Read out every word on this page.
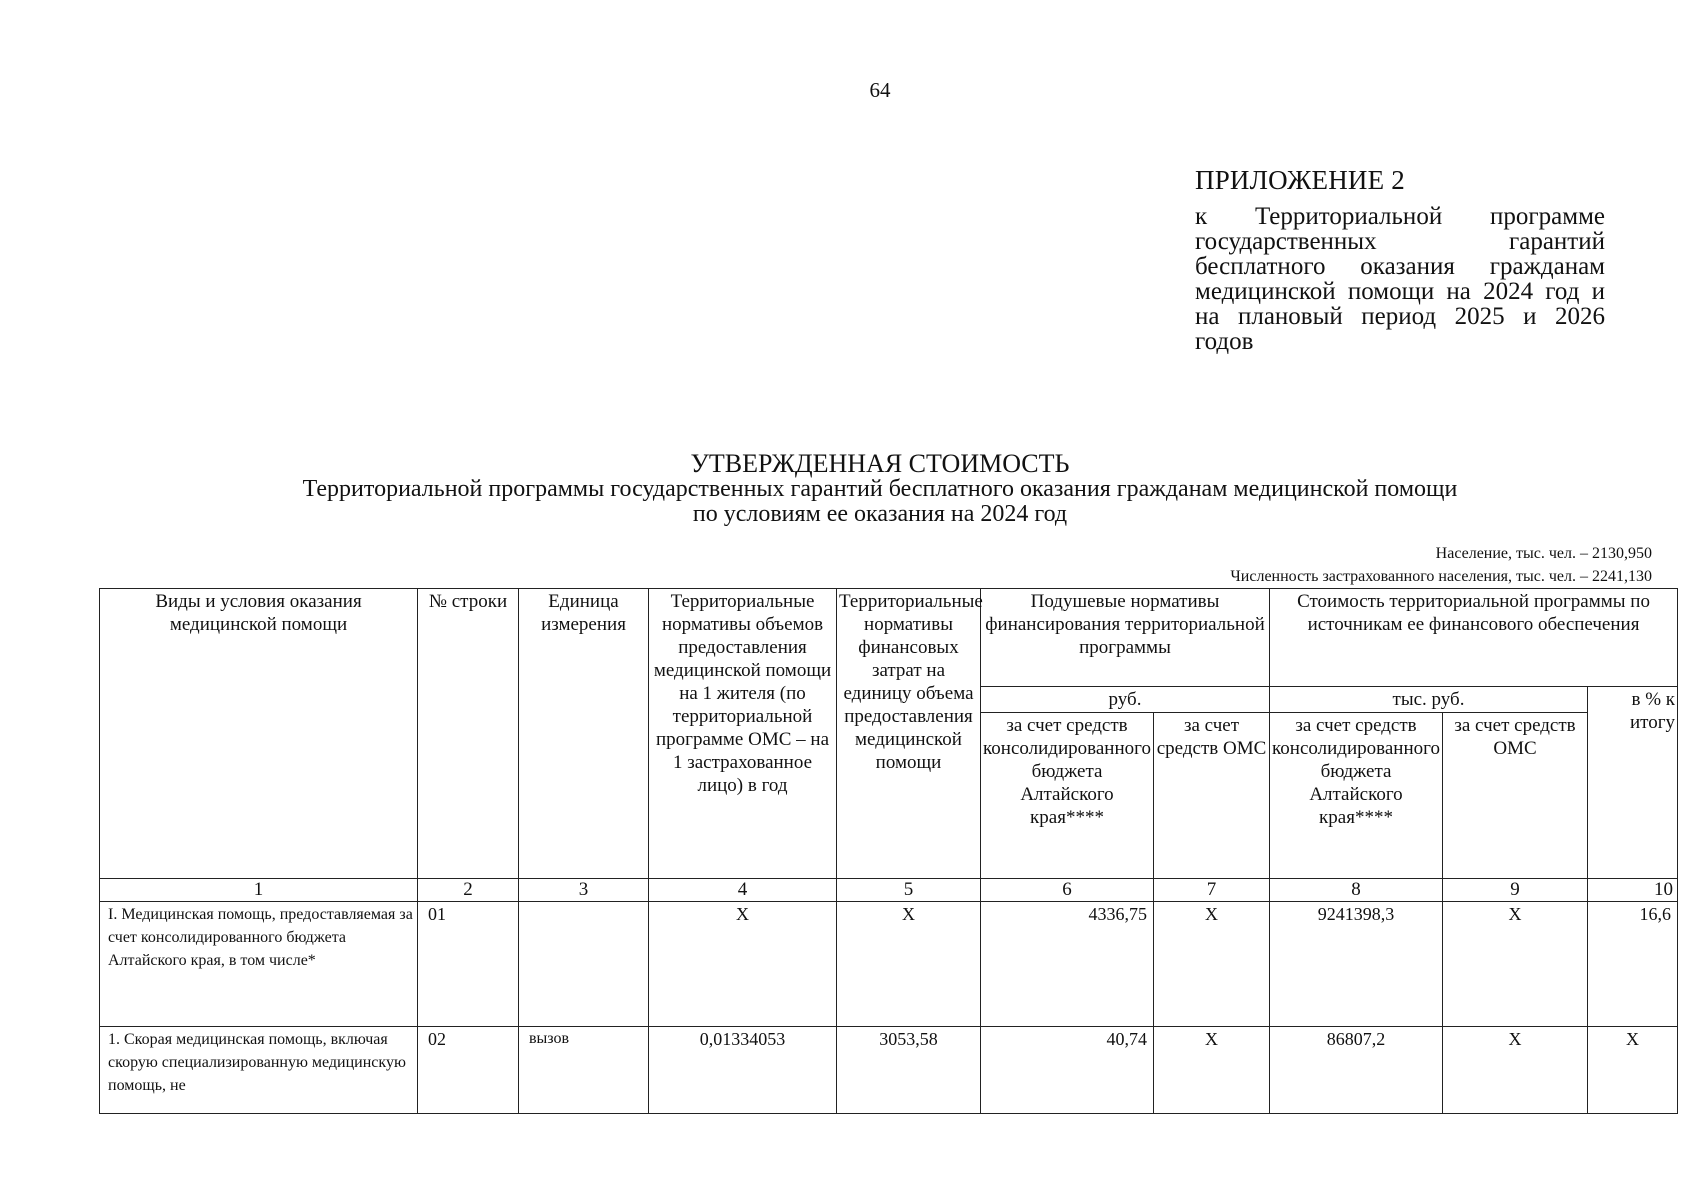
64
ПРИЛОЖЕНИЕ 2
к Территориальной программе государственных гарантий бесплатного оказания гражданам медицинской помощи на 2024 год и на плановый период 2025 и 2026 годов
УТВЕРЖДЕННАЯ СТОИМОСТЬ
Территориальной программы государственных гарантий бесплатного оказания гражданам медицинской помощи
по условиям ее оказания на 2024 год
Население, тыс. чел. – 2130,950
Численность застрахованного населения, тыс. чел. – 2241,130
Виды и условия оказания медицинской помощи	№ строки	Единица измерения	Территориальные нормативы объемов предоставления медицинской помощи на 1 жителя (по территориальной программе ОМС – на 1 застрахованное лицо) в год	Территориальные нормативы финансовых затрат на единицу объема предоставления медицинской помощи	Подушевые нормативы финансирования территориальной программы		Стоимость территориальной программы по источникам ее финансового обеспечения		
					руб.		тыс. руб.		в % к итогу
					за счет средств консолидированного бюджета Алтайского края****	за счет средств ОМС	за счет средств консолидированного бюджета Алтайского края****	за счет средств ОМС	
1	2	3	4	5	6	7	8	9	10
I. Медицинская помощь, предоставляемая за счет консолидированного бюджета Алтайского края, в том числе*	01		X	X	4336,75	X	9241398,3	X	16,6
1. Скорая медицинская помощь, включая скорую специализированную медицинскую помощь, не	02	вызов	0,01334053	3053,58	40,74	X	86807,2	X	X
